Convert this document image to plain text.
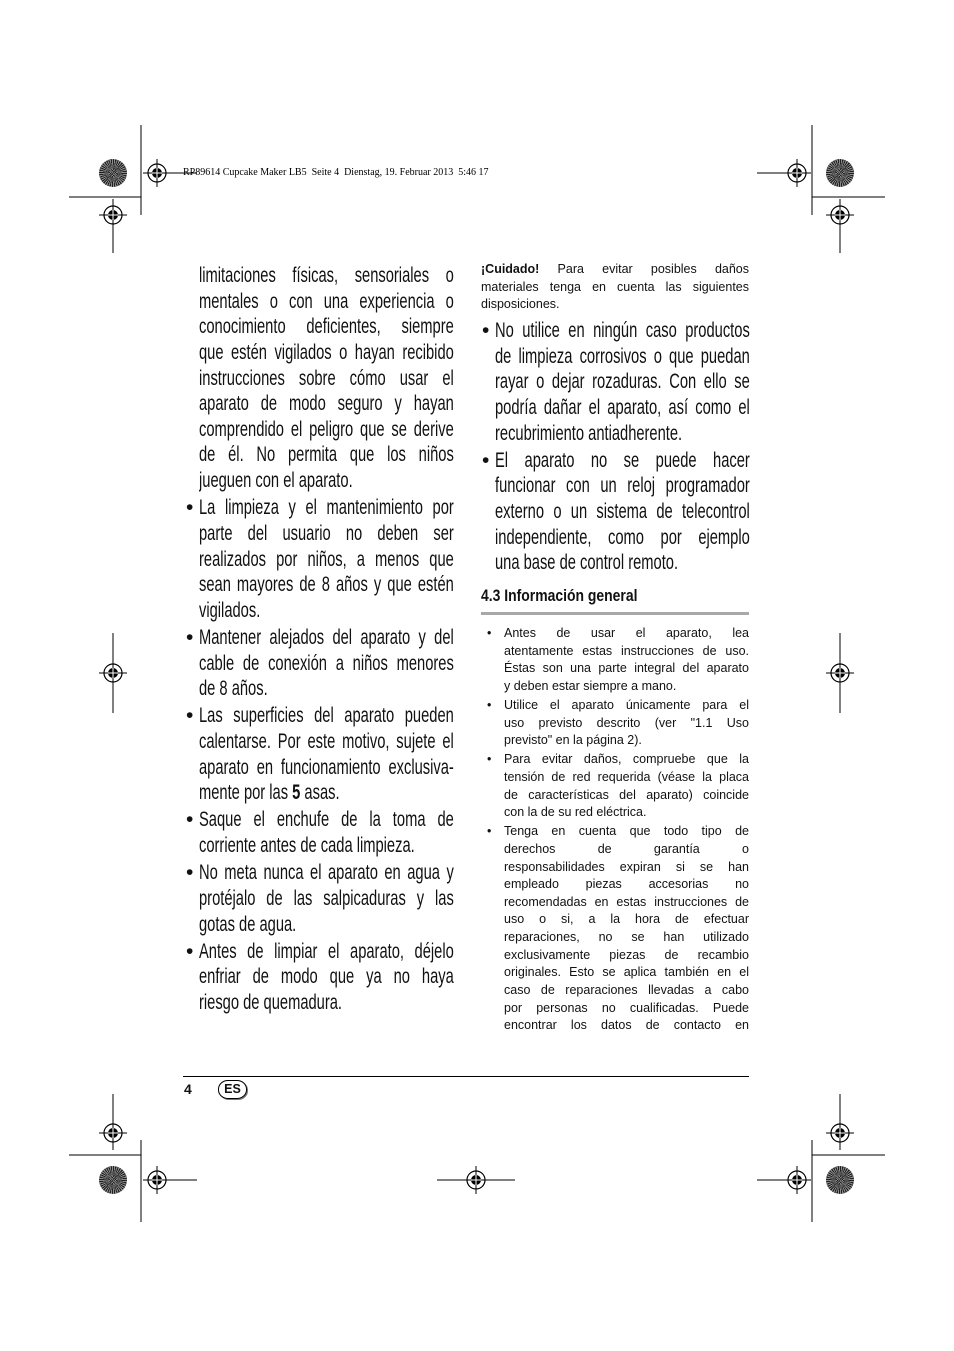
RP89614 Cupcake Maker LB5  Seite 4  Dienstag, 19. Februar 2013  5:46 17
limitaciones físicas, sensoriales o
mentales o con una experiencia o
conocimiento deficientes, siempre
que estén vigilados o hayan recibido
instrucciones sobre cómo usar el
aparato de modo seguro y hayan
comprendido el peligro que se derive
de él. No permita que los niños
jueguen con el aparato.
• La limpieza y el mantenimiento por
parte del usuario no deben ser
realizados por niños, a menos que
sean mayores de 8 años y que estén
vigilados.
• Mantener alejados del aparato y del
cable de conexión a niños menores
de 8 años.
• Las superficies del aparato pueden
calentarse. Por este motivo, sujete el
aparato en funcionamiento exclusiva-
mente por las 5 asas.
• Saque el enchufe de la toma de
corriente antes de cada limpieza.
• No meta nunca el aparato en agua y
protéjalo de las salpicaduras y las
gotas de agua.
• Antes de limpiar el aparato, déjelo
enfriar de modo que ya no haya
riesgo de quemadura.
¡Cuidado! Para evitar posibles daños
materiales tenga en cuenta las siguientes
disposiciones.
• No utilice en ningún caso productos
de limpieza corrosivos o que puedan
rayar o dejar rozaduras. Con ello se
podría dañar el aparato, así como el
recubrimiento antiadherente.
• El aparato no se puede hacer
funcionar con un reloj programador
externo o un sistema de telecontrol
independiente, como por ejemplo
una base de control remoto.
4.3 Información general
• Antes de usar el aparato, lea
atentamente estas instrucciones de uso.
Éstas son una parte integral del aparato
y deben estar siempre a mano.
• Utilice el aparato únicamente para el
uso previsto descrito (ver "1.1 Uso
previsto" en la página 2).
• Para evitar daños, compruebe que la
tensión de red requerida (véase la placa
de características del aparato) coincide
con la de su red eléctrica.
• Tenga en cuenta que todo tipo de
derechos de garantía o
responsabilidades expiran si se han
empleado piezas accesorias no
recomendadas en estas instrucciones de
uso o si, a la hora de efectuar
reparaciones, no se han utilizado
exclusivamente piezas de recambio
originales. Esto se aplica también en el
caso de reparaciones llevadas a cabo
por personas no cualificadas. Puede
encontrar los datos de contacto en
4	ES
